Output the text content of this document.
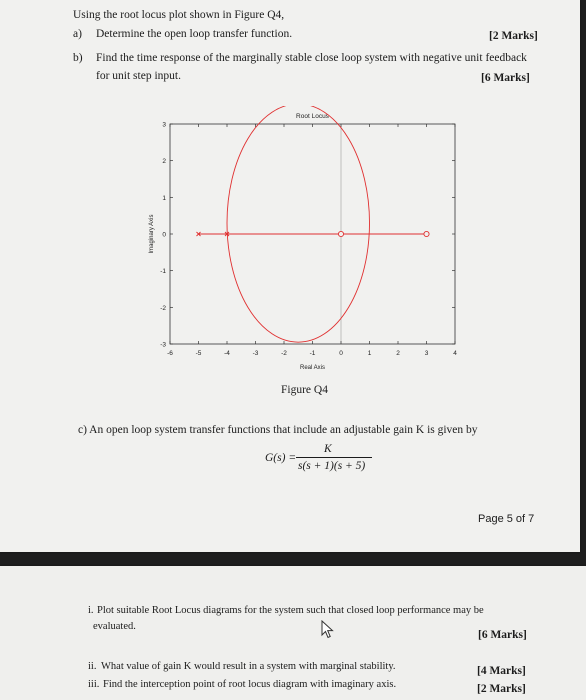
Using the root locus plot shown in Figure Q4,
a) Determine the open loop transfer function.	[2 Marks]
b) Find the time response of the marginally stable close loop system with negative unit feedback
for unit step input.	[6 Marks]
-6	-5	-4	-3	-2	-1	0	1	2	3	4
3
2
1
0
-1
-2
-3
Root Locus
Real Axis
Imaginary Axis
Figure Q4
c) An open loop system transfer functions that include an adjustable gain K is given by
G(s) =
K
s(s + 1)(s + 5)
Page 5 of 7
i. Plot suitable Root Locus diagrams for the system such that closed loop performance may be
evaluated.
[6 Marks]
ii. What value of gain K would result in a system with marginal stability.	[4 Marks]
iii. Find the interception point of root locus diagram with imaginary axis.	[2 Marks]
